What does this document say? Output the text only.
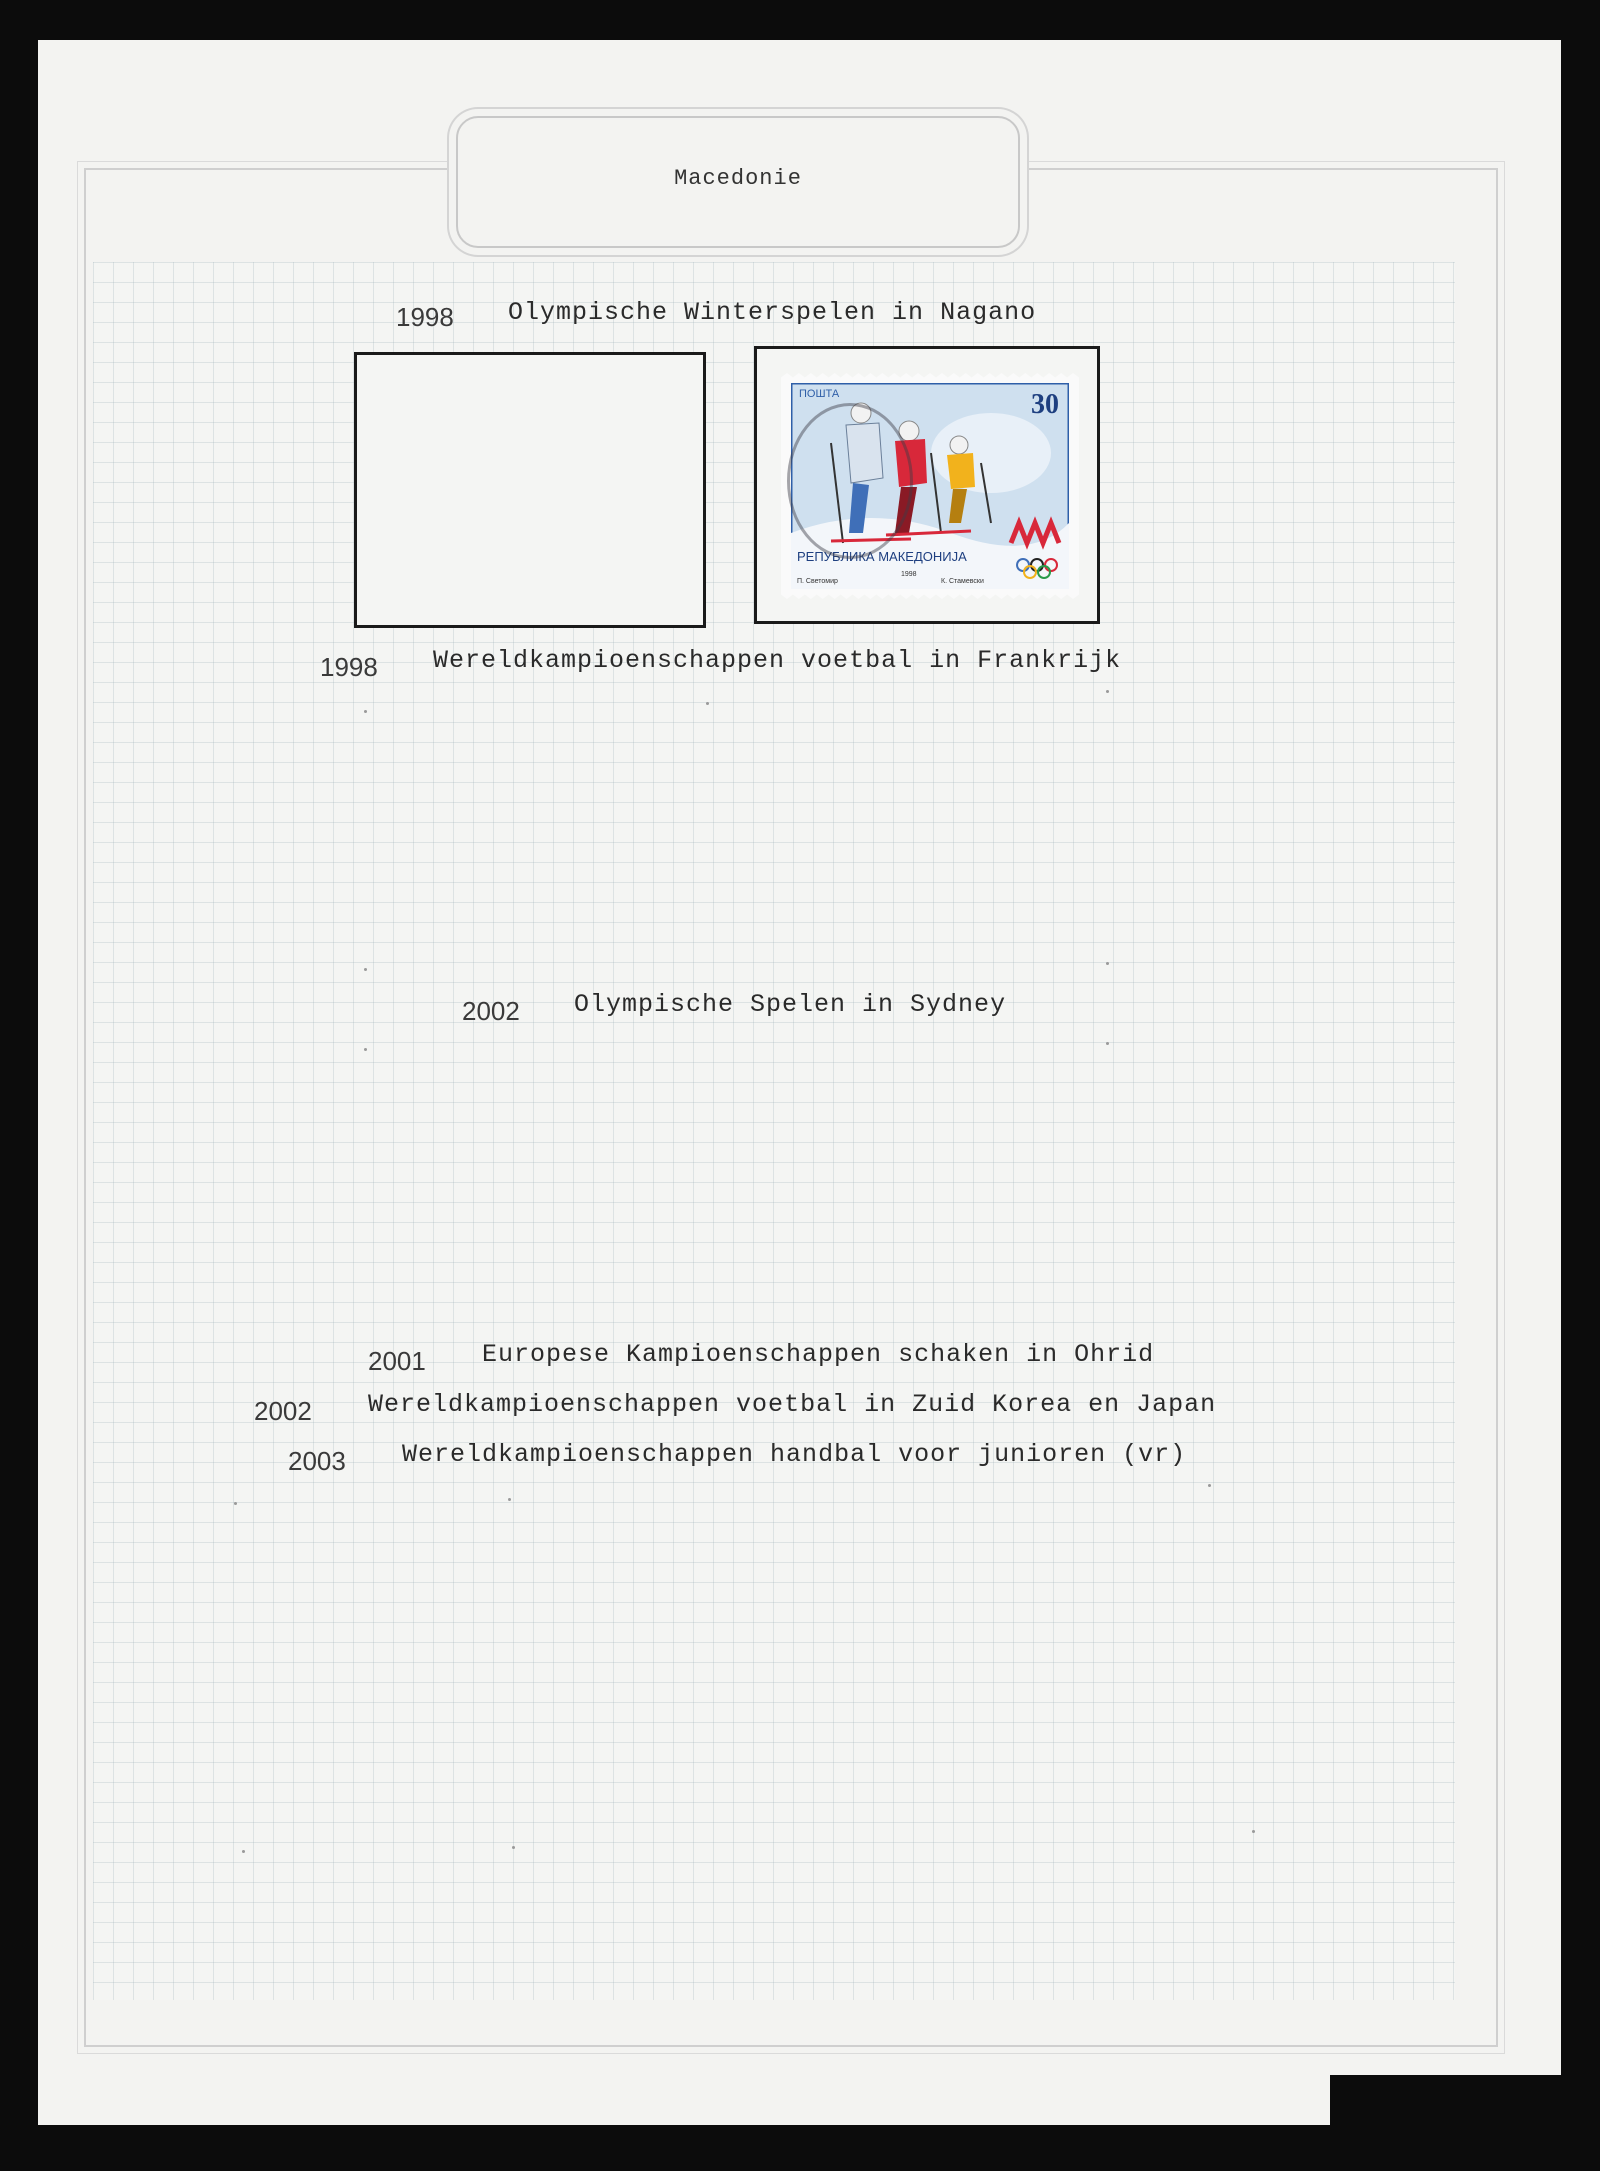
Macedonie
1998 Olympische Winterspelen in Nagano
ПОШТА	30
РЕПУБЛИКА МАКЕДОНИЈА
П. Светомир
1998
К. Стамевски
1998 Wereldkampioenschappen voetbal in Frankrijk
2002 Olympische Spelen in Sydney
2001 Europese Kampioenschappen schaken in Ohrid
2002 Wereldkampioenschappen voetbal in Zuid Korea en Japan
2003 Wereldkampioenschappen handbal voor junioren (vr)
